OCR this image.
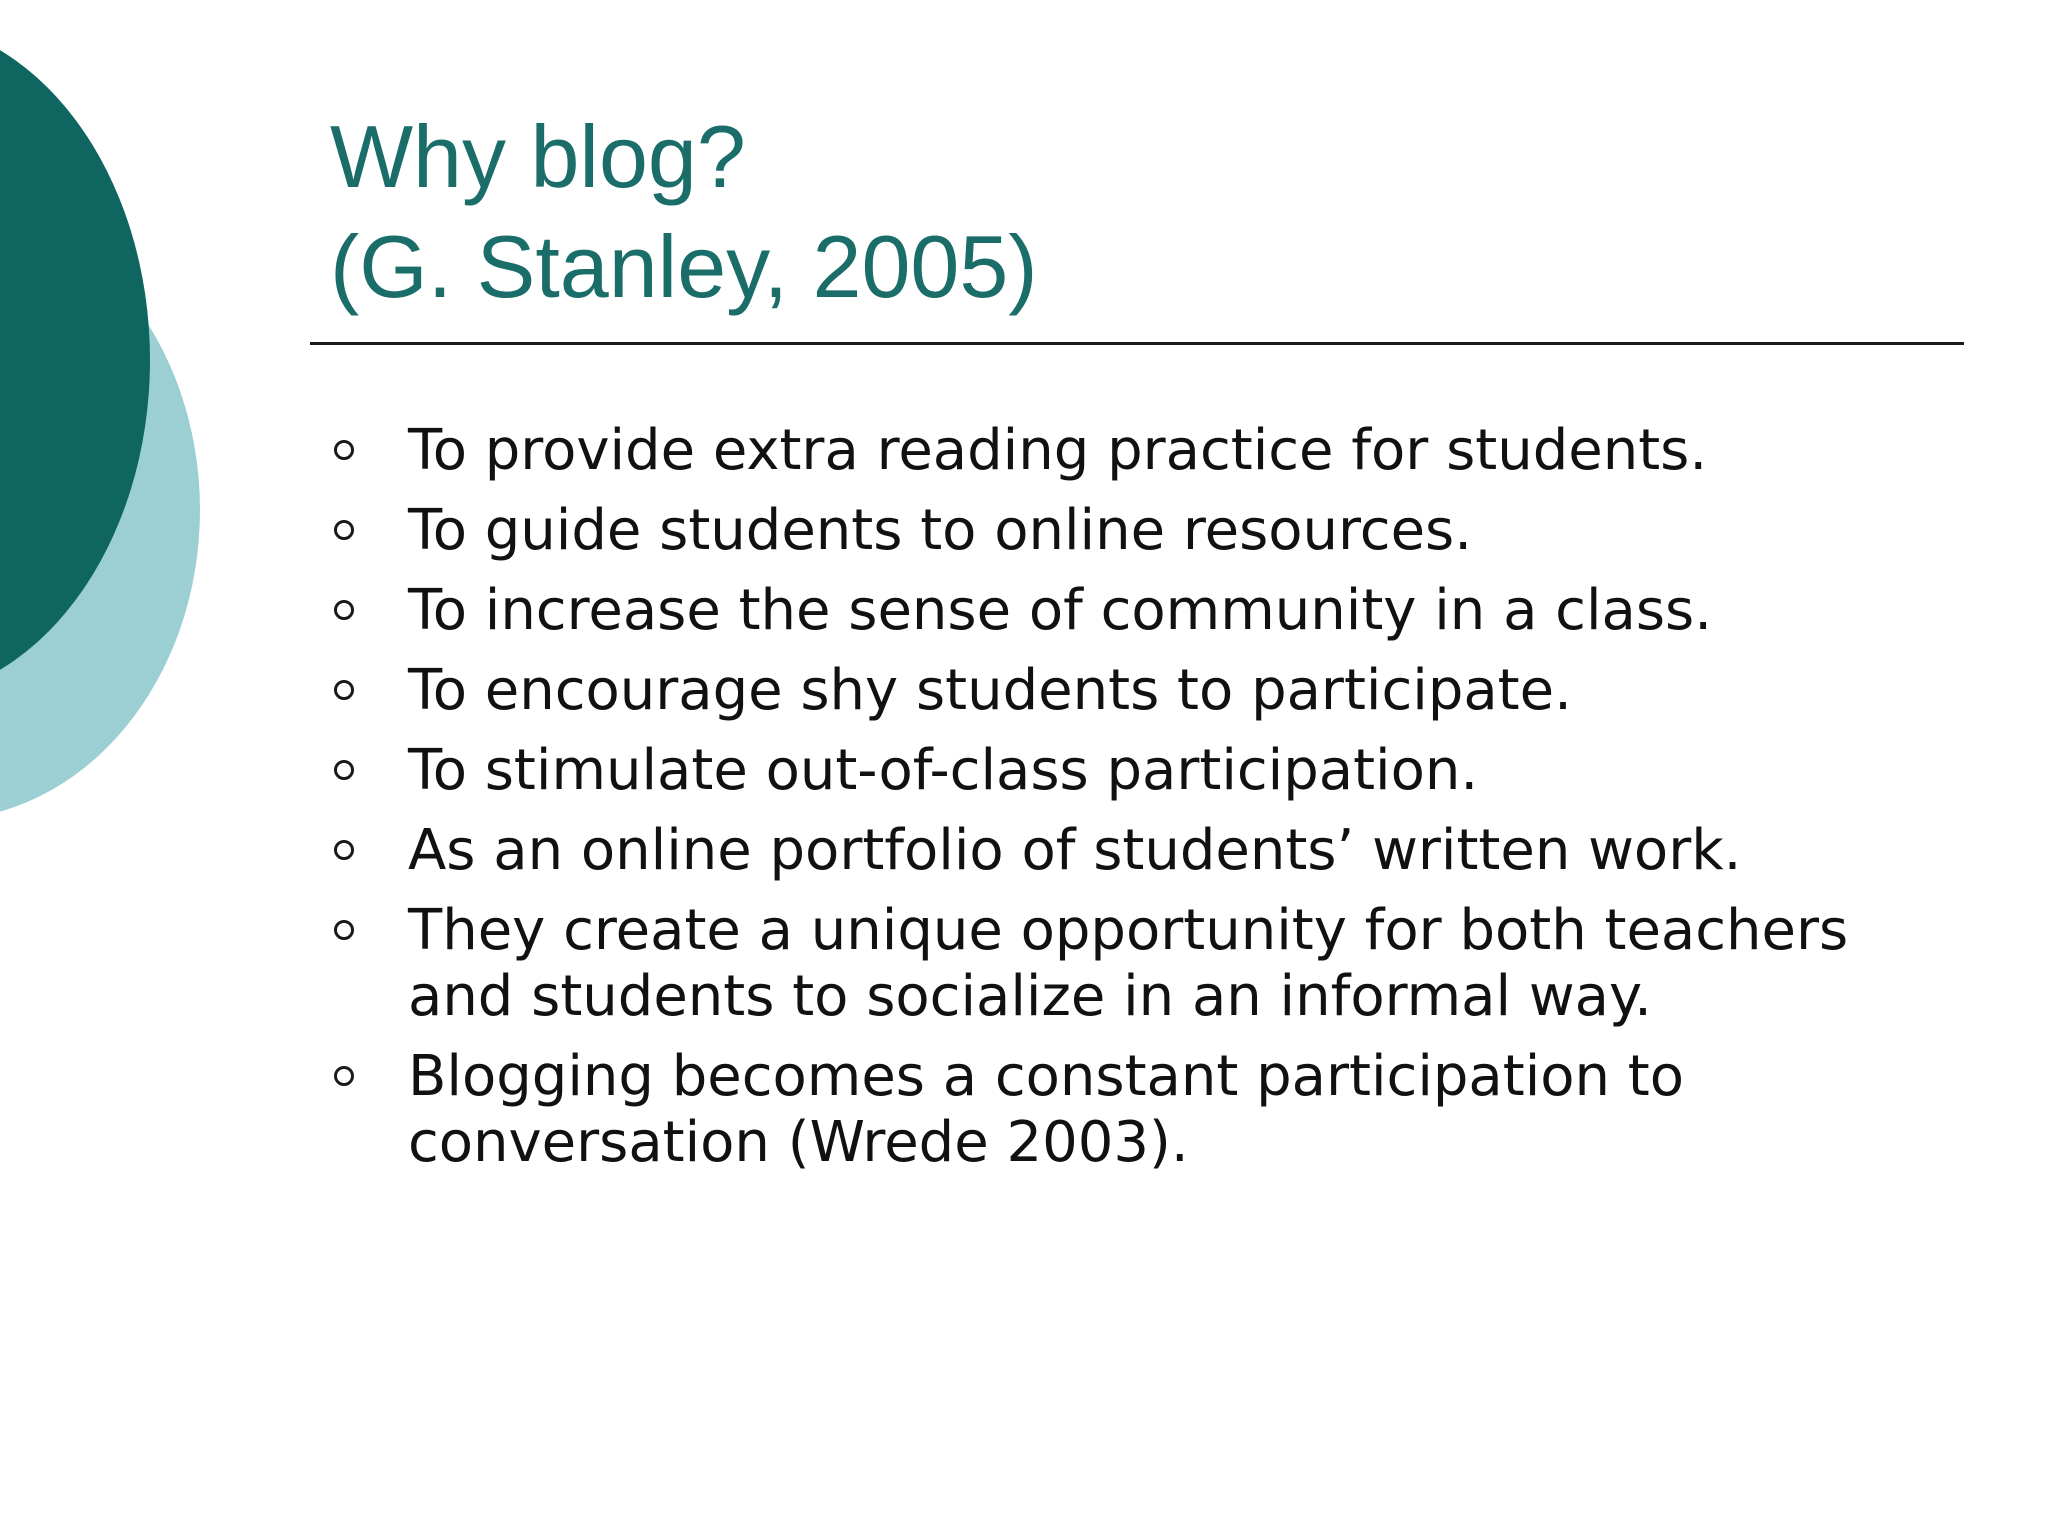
Why blog?
(G. Stanley, 2005)
To provide extra reading practice for students.
To guide students to online resources.
To increase the sense of community in a class.
To encourage shy students to participate.
To stimulate out-of-class participation.
As an online portfolio of students’ written work.
They create a unique opportunity for both teachers and students to socialize in an informal way.
Blogging becomes a constant participation to conversation (Wrede 2003).
